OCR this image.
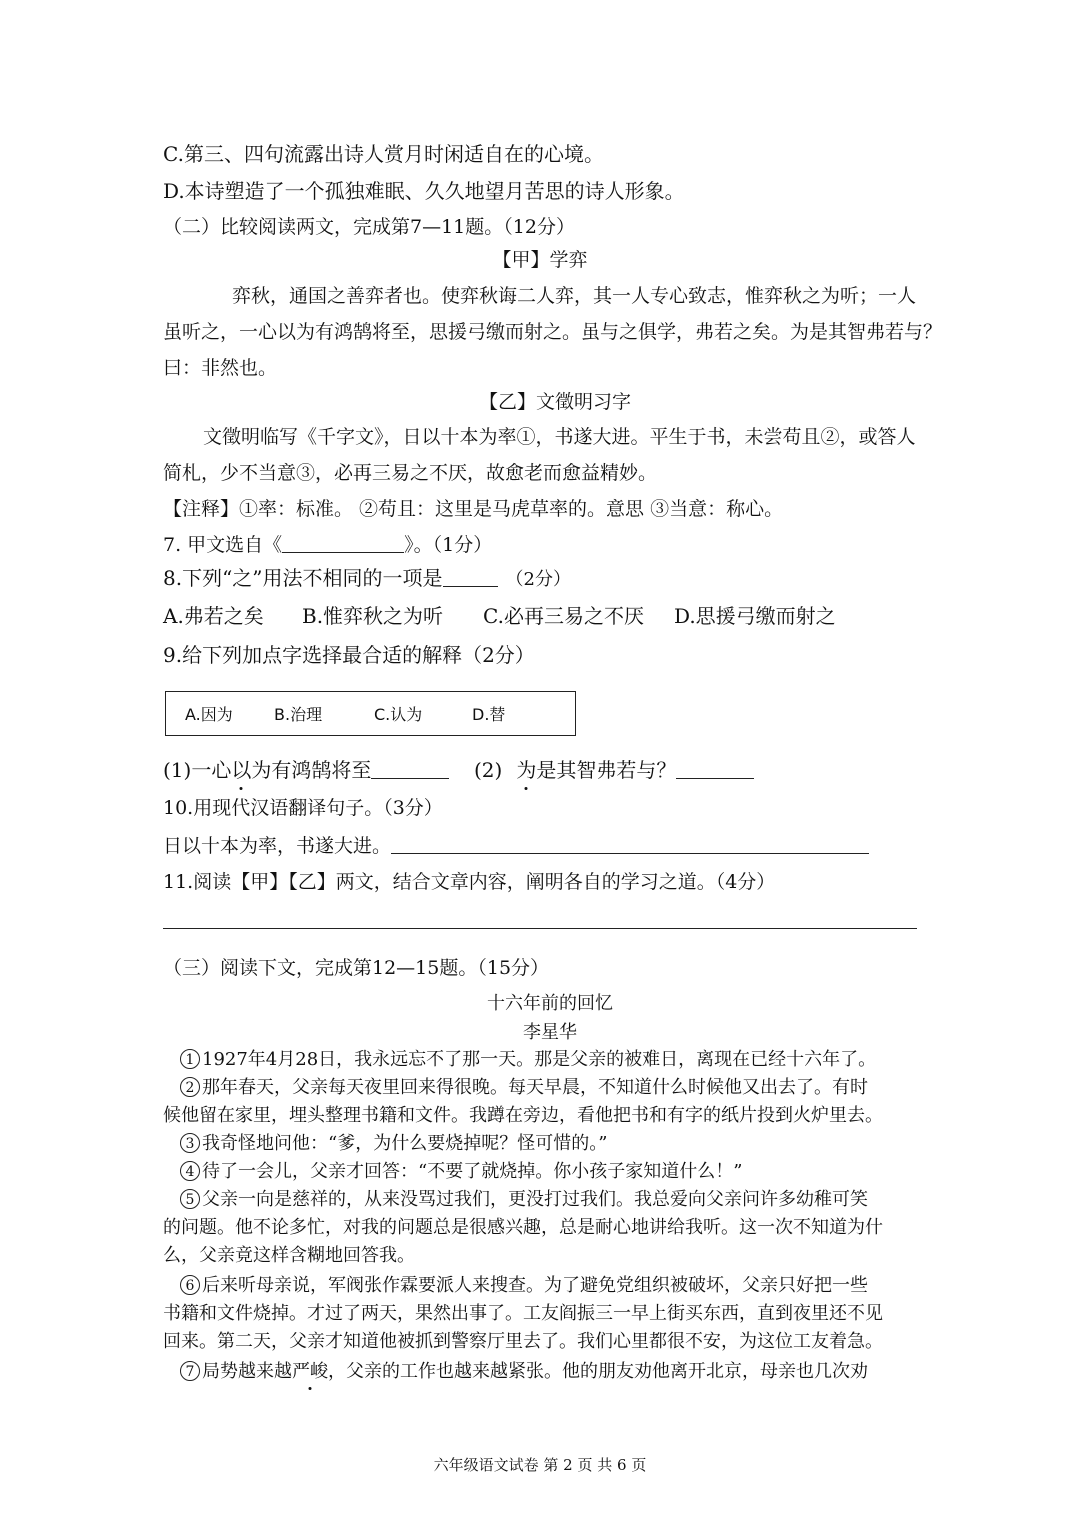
C.第三、四句流露出诗人赏月时闲适自在的心境。
D.本诗塑造了一个孤独难眠、久久地望月苦思的诗人形象。
（二）比较阅读两文，完成第7—11题。（12分）
【甲】学弈
弈秋，通国之善弈者也。使弈秋诲二人弈，其一人专心致志，惟弈秋之为听；一人
虽听之，一心以为有鸿鹄将至，思援弓缴而射之。虽与之俱学，弗若之矣。为是其智弗若与？
曰：非然也。
【乙】文徵明习字
文徵明临写《千字文》，日以十本为率①，书遂大进。平生于书，未尝苟且②，或答人
简札，少不当意③，必再三易之不厌，故愈老而愈益精妙。
【注释】①率：标准。 ②苟且：这里是马虎草率的。意思 ③当意：称心。
7. 甲文选自《	》。（1分）
8.下列“之”用法不相同的一项是	（2分）
A.弗若之矣 B.惟弈秋之为听 C.必再三易之不厌 D.思援弓缴而射之
9.给下列加点字选择最合适的解释（2分）
A.因为	B.治理	C.认为	D.替
(1)一心以为有鸿鹄将至	(2) 为是其智弗若与？
10.用现代汉语翻译句子。（3分）
日以十本为率，书遂大进。
11.阅读【甲】【乙】两文，结合文章内容，阐明各自的学习之道。（4分）
（三）阅读下文，完成第12—15题。（15分）
十六年前的回忆
李星华
1 1927年4月28日，我永远忘不了那一天。那是父亲的被难日，离现在已经十六年了。
2 那年春天，父亲每天夜里回来得很晚。每天早晨，不知道什么时候他又出去了。有时
候他留在家里，埋头整理书籍和文件。我蹲在旁边，看他把书和有字的纸片投到火炉里去。
3 我奇怪地问他：“爹，为什么要烧掉呢？怪可惜的。”
4 待了一会儿，父亲才回答：“不要了就烧掉。你小孩子家知道什么！”
5 父亲一向是慈祥的，从来没骂过我们，更没打过我们。我总爱向父亲问许多幼稚可笑
的问题。他不论多忙，对我的问题总是很感兴趣，总是耐心地讲给我听。这一次不知道为什
么，父亲竟这样含糊地回答我。
6 后来听母亲说，军阀张作霖要派人来搜查。为了避免党组织被破坏，父亲只好把一些
书籍和文件烧掉。才过了两天，果然出事了。工友阎振三一早上街买东西，直到夜里还不见
回来。第二天，父亲才知道他被抓到警察厅里去了。我们心里都很不安，为这位工友着急。
7 局势越来越严峻，父亲的工作也越来越紧张。他的朋友劝他离开北京，母亲也几次劝
六年级语文试卷 第 2 页 共 6 页
